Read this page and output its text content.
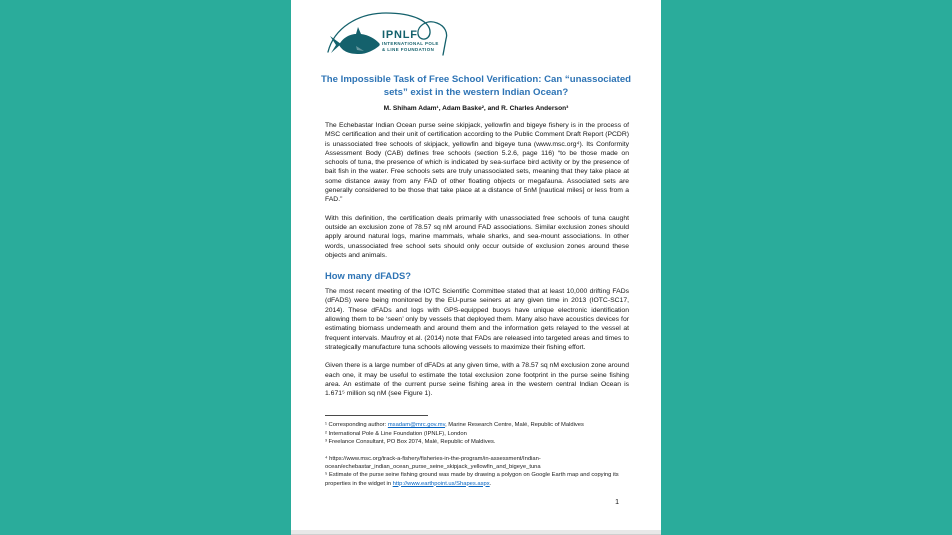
IPNLF
INTERNATIONAL POLE
& LINE FOUNDATION
The Impossible Task of Free School Verification: Can “unassociated sets” exist in the western Indian Ocean?
M. Shiham Adam¹, Adam Baske², and R. Charles Anderson³

The Echebastar Indian Ocean purse seine skipjack, yellowfin and bigeye fishery is in the process of MSC certification and their unit of certification according to the Public Comment Draft Report (PCDR) is unassociated free schools of skipjack, yellowfin and bigeye tuna (www.msc.org⁴). Its Conformity Assessment Body (CAB) defines free schools (section 5.2.6, page 116) “to be those made on schools of tuna, the presence of which is indicated by sea-surface bird activity or by the presence of bait fish in the water. Free schools sets are truly unassociated sets, meaning that they take place at some distance away from any FAD of other floating objects or megafauna. Associated sets are generally considered to be those that take place at a distance of 5nM [nautical miles] or less from a FAD.”

With this definition, the certification deals primarily with unassociated free schools of tuna caught outside an exclusion zone of 78.57 sq nM around FAD associations. Similar exclusion zones should apply around natural logs, marine mammals, whale sharks, and sea-mount associations. In other words, unassociated free school sets should only occur outside of exclusion zones around these objects and animals.

How many dFADS?

The most recent meeting of the IOTC Scientific Committee stated that at least 10,000 drifting FADs (dFADS) were being monitored by the EU-purse seiners at any given time in 2013 (IOTC-SC17, 2014). These dFADs and logs with GPS-equipped buoys have unique electronic identification allowing them to be ‘seen’ only by vessels that deployed them. Many also have acoustics devices for estimating biomass underneath and around them and the information gets relayed to the vessel at frequent intervals. Maufroy et al. (2014) note that FADs are released into targeted areas and times to strategically manufacture tuna schools allowing vessels to maximize their fishing effort.

Given there is a large number of dFADs at any given time, with a 78.57 sq nM exclusion zone around each one, it may be useful to estimate the total exclusion zone footprint in the purse seine fishing area. An estimate of the current purse seine fishing area in the western central Indian Ocean is 1.671⁵ million sq nM (see Figure 1).

¹ Corresponding author: msadam@mrc.gov.mv, Marine Research Centre, Malé, Republic of Maldives
² International Pole & Line Foundation (IPNLF), London
³ Freelance Consultant, PO Box 2074, Malé, Republic of Maldives.
⁴ https://www.msc.org/track-a-fishery/fisheries-in-the-program/in-assessment/Indian-ocean/echebastar_indian_ocean_purse_seine_skipjack_yellowfin_and_bigeye_tuna
⁵ Estimate of the purse seine fishing ground was made by drawing a polygon on Google Earth map and copying its properties in the widget in http://www.earthpoint.us/Shapes.aspx.
1
